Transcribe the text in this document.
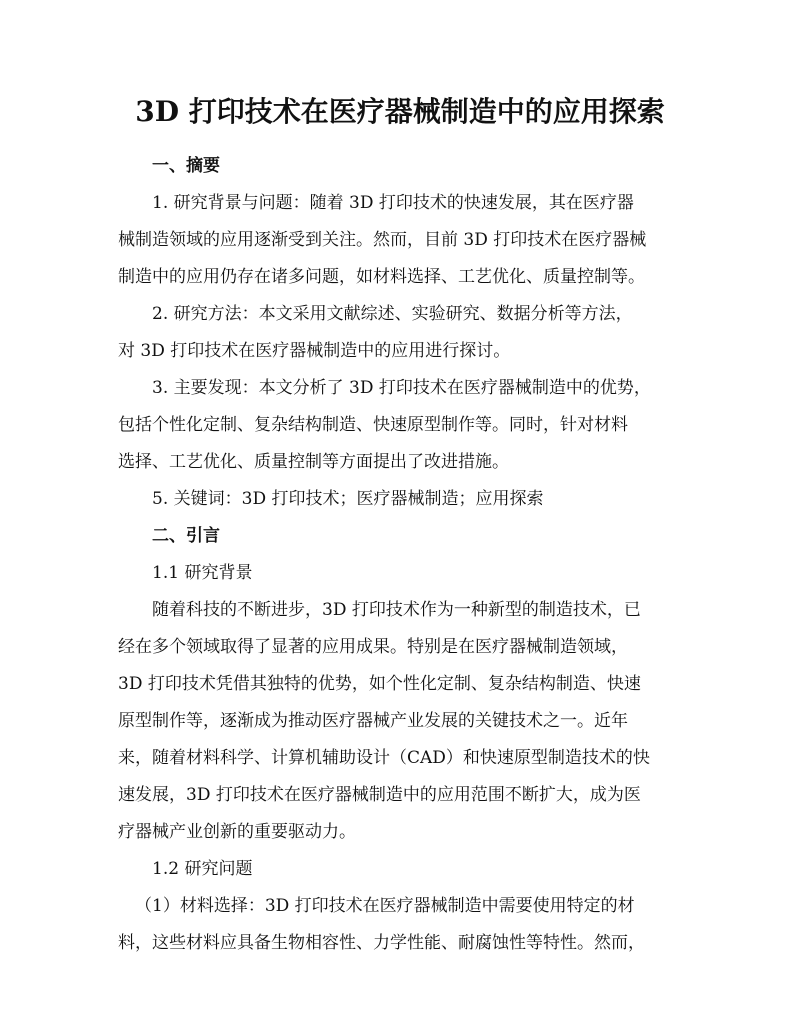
3D 打印技术在医疗器械制造中的应用探索
一、摘要
1. 研究背景与问题：随着 3D 打印技术的快速发展，其在医疗器
械制造领域的应用逐渐受到关注。然而，目前 3D 打印技术在医疗器械
制造中的应用仍存在诸多问题，如材料选择、工艺优化、质量控制等。
2. 研究方法：本文采用文献综述、实验研究、数据分析等方法，
对 3D 打印技术在医疗器械制造中的应用进行探讨。
3. 主要发现：本文分析了 3D 打印技术在医疗器械制造中的优势，
包括个性化定制、复杂结构制造、快速原型制作等。同时，针对材料
选择、工艺优化、质量控制等方面提出了改进措施。
5. 关键词：3D 打印技术；医疗器械制造；应用探索
二、引言
1.1 研究背景
随着科技的不断进步，3D 打印技术作为一种新型的制造技术，已
经在多个领域取得了显著的应用成果。特别是在医疗器械制造领域，
3D 打印技术凭借其独特的优势，如个性化定制、复杂结构制造、快速
原型制作等，逐渐成为推动医疗器械产业发展的关键技术之一。近年
来，随着材料科学、计算机辅助设计（CAD）和快速原型制造技术的快
速发展，3D 打印技术在医疗器械制造中的应用范围不断扩大，成为医
疗器械产业创新的重要驱动力。
1.2 研究问题
（1）材料选择：3D 打印技术在医疗器械制造中需要使用特定的材
料，这些材料应具备生物相容性、力学性能、耐腐蚀性等特性。然而，
